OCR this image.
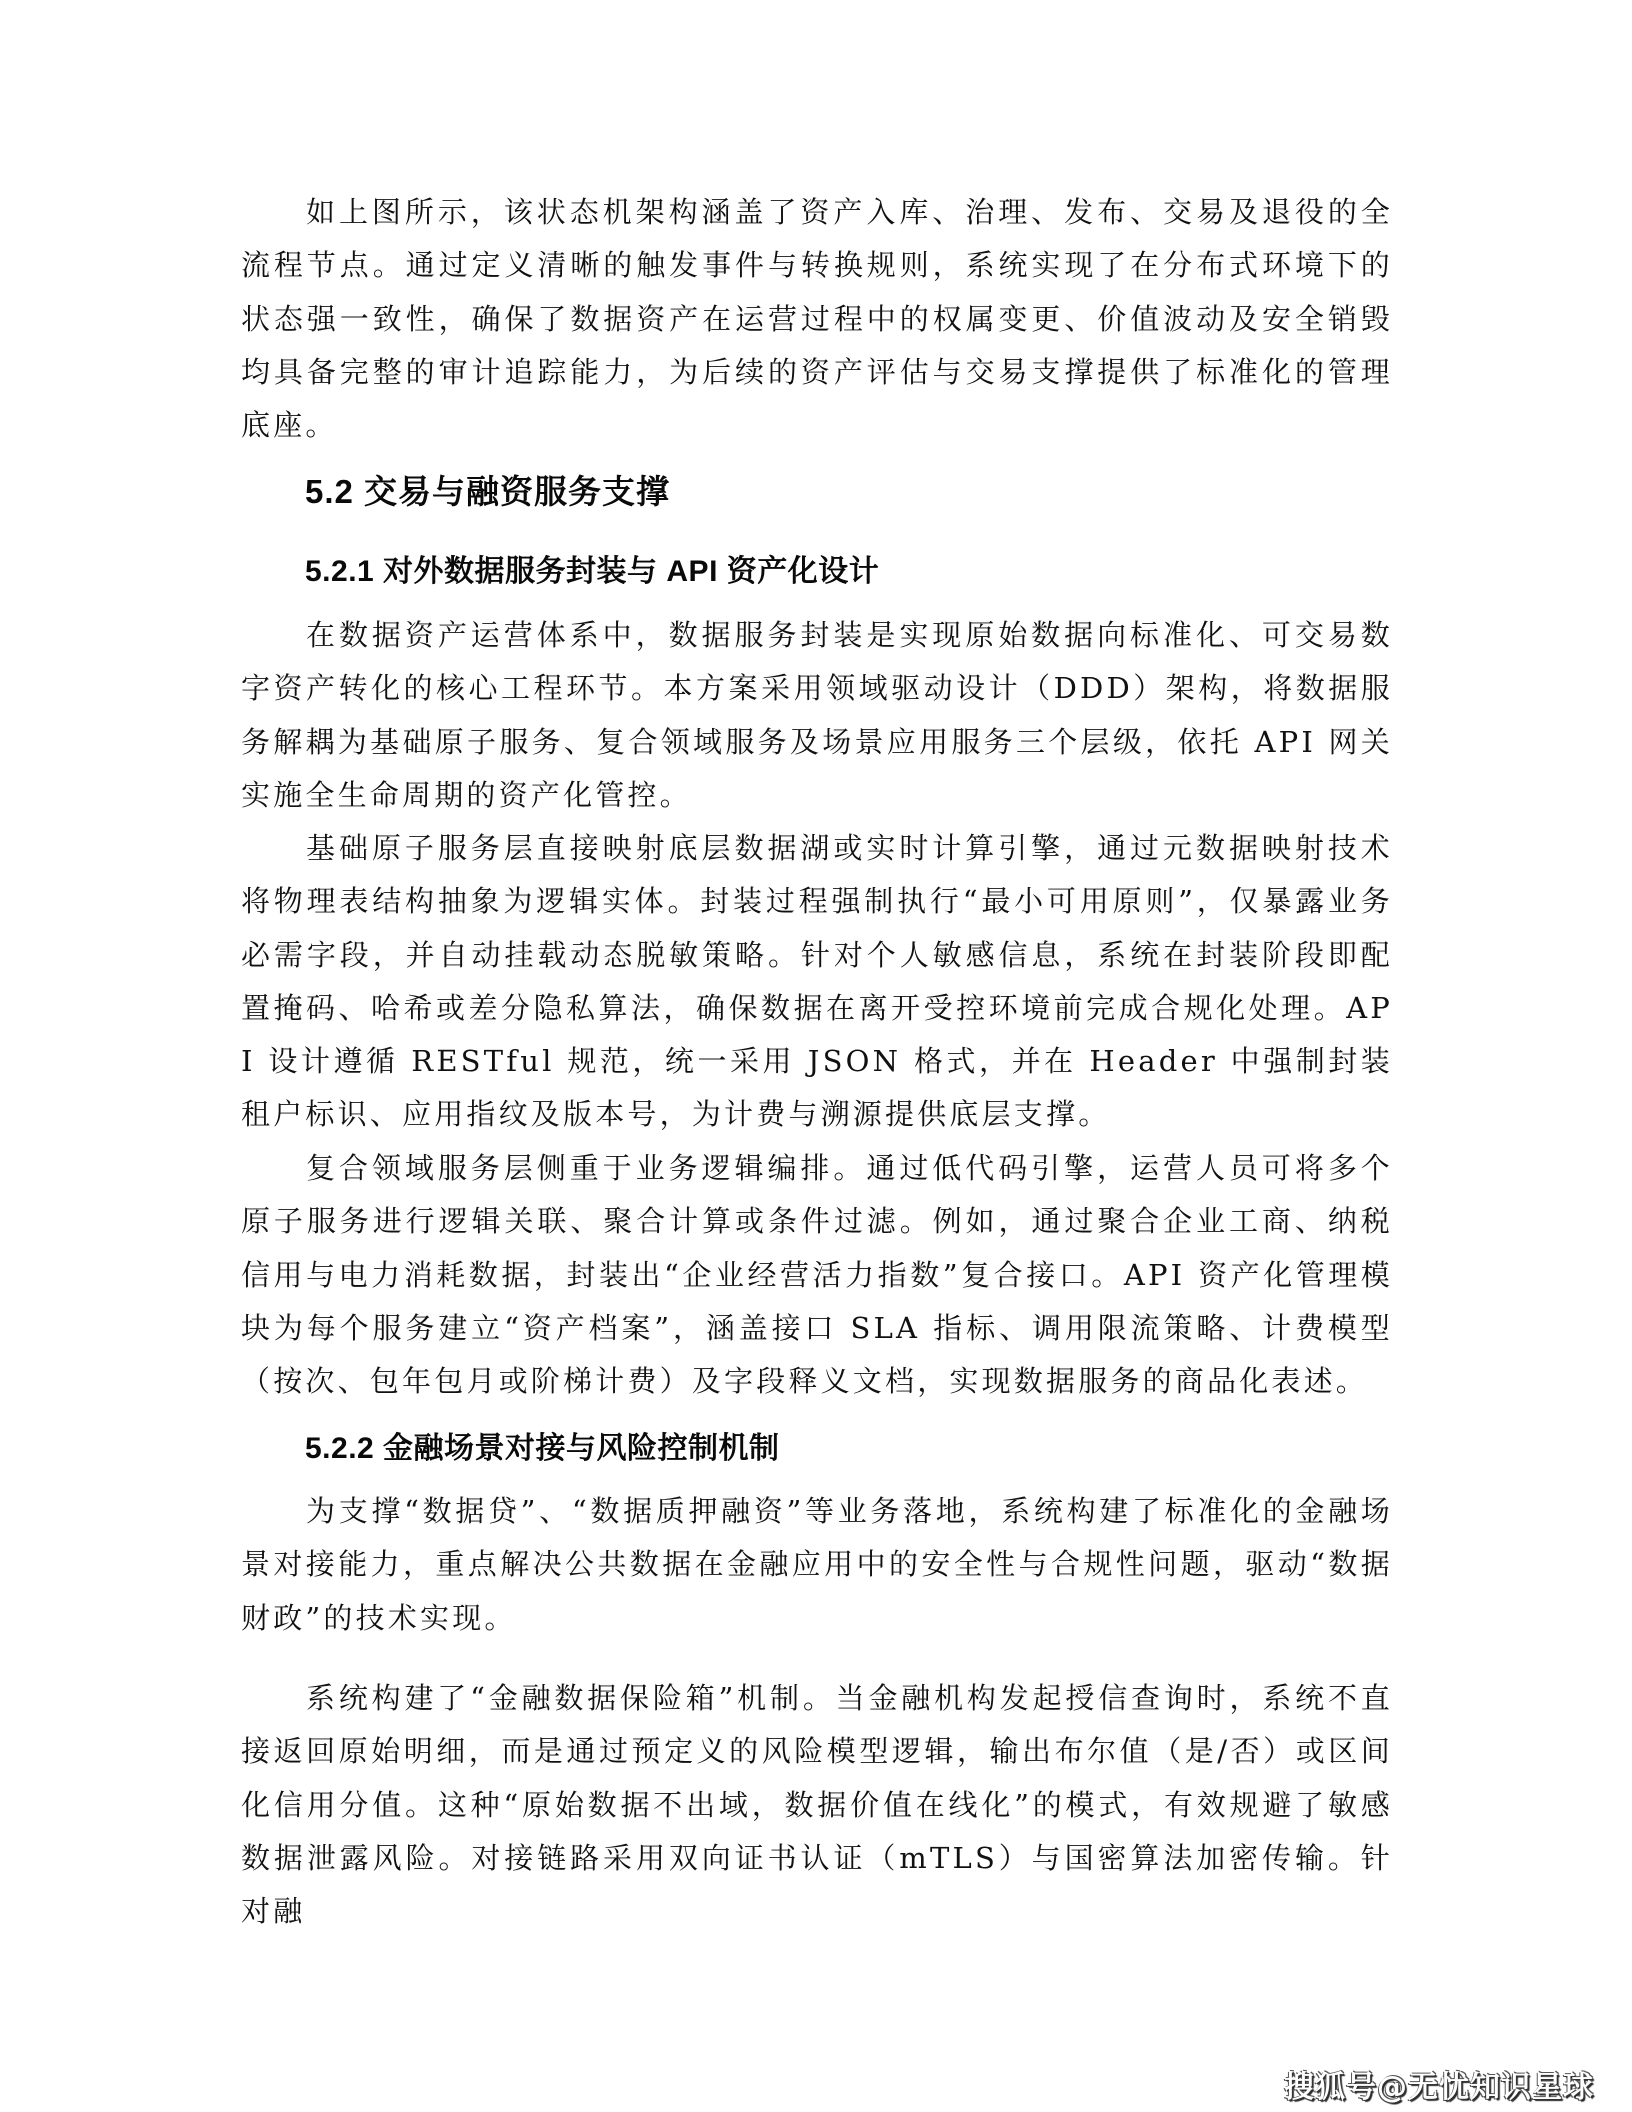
如上图所示，该状态机架构涵盖了资产入库、治理、发布、交易及退役的全流程节点。通过定义清晰的触发事件与转换规则，系统实现了在分布式环境下的状态强一致性，确保了数据资产在运营过程中的权属变更、价值波动及安全销毁均具备完整的审计追踪能力，为后续的资产评估与交易支撑提供了标准化的管理底座。

5.2 交易与融资服务支撑
5.2.1 对外数据服务封装与 API 资产化设计

在数据资产运营体系中，数据服务封装是实现原始数据向标准化、可交易数字资产转化的核心工程环节。本方案采用领域驱动设计（DDD）架构，将数据服务解耦为基础原子服务、复合领域服务及场景应用服务三个层级，依托 API 网关实施全生命周期的资产化管控。

基础原子服务层直接映射底层数据湖或实时计算引擎，通过元数据映射技术将物理表结构抽象为逻辑实体。封装过程强制执行“最小可用原则”，仅暴露业务必需字段，并自动挂载动态脱敏策略。针对个人敏感信息，系统在封装阶段即配置掩码、哈希或差分隐私算法，确保数据在离开受控环境前完成合规化处理。API 设计遵循 RESTful 规范，统一采用 JSON 格式，并在 Header 中强制封装租户标识、应用指纹及版本号，为计费与溯源提供底层支撑。

复合领域服务层侧重于业务逻辑编排。通过低代码引擎，运营人员可将多个原子服务进行逻辑关联、聚合计算或条件过滤。例如，通过聚合企业工商、纳税信用与电力消耗数据，封装出“企业经营活力指数”复合接口。API 资产化管理模块为每个服务建立“资产档案”，涵盖接口 SLA 指标、调用限流策略、计费模型（按次、包年包月或阶梯计费）及字段释义文档，实现数据服务的商品化表述。

5.2.2 金融场景对接与风险控制机制

为支撑“数据贷”、“数据质押融资”等业务落地，系统构建了标准化的金融场景对接能力，重点解决公共数据在金融应用中的安全性与合规性问题，驱动“数据财政”的技术实现。

系统构建了“金融数据保险箱”机制。当金融机构发起授信查询时，系统不直接返回原始明细，而是通过预定义的风险模型逻辑，输出布尔值（是/否）或区间化信用分值。这种“原始数据不出域，数据价值在线化”的模式，有效规避了敏感数据泄露风险。对接链路采用双向证书认证（mTLS）与国密算法加密传输。针对融

搜狐号@无忧知识星球
